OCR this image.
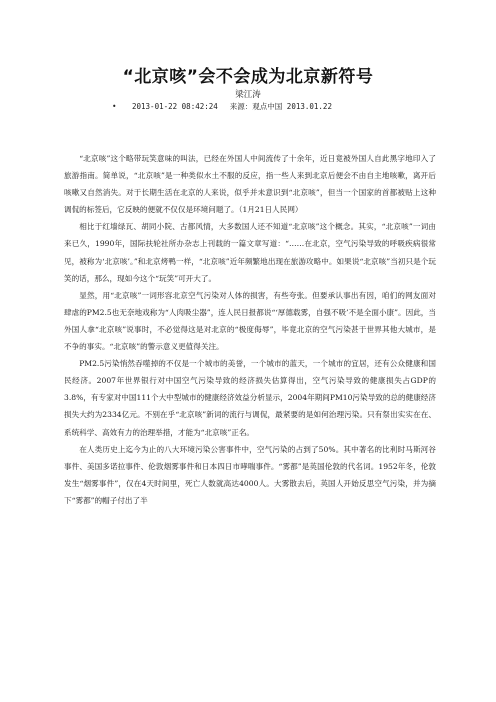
“北京咳”会不会成为北京新符号
梁江涛
• 2013-01-22 08:42:24 来源：观点中国 2013.01.22

“北京咳”这个略带玩笑意味的叫法，已经在外国人中间流传了十余年，近日竟被外国人自此黑字地印入了旅游指南。简单说，“北京咳”是一种类似水土不服的反应，指一些人来到北京后便会不由自主地咳嗽，离开后咳嗽又自然消失。对于长期生活在北京的人来说，似乎并未意识到“北京咳”，但当一个国家的首都被贴上这种调侃的标签后，它反映的便就不仅仅是环境问题了。（1月21日人民网）

相比于红墙绿瓦、胡同小院、古都风情，大多数国人还不知道“北京咳”这个概念。其实，“北京咳”一词由来已久，1990年，国际扶轮社所办杂志上刊载的一篇文章写道：“……在北京，空气污染导致的呼吸疾病很常见，被称为‘北京咳’。”和北京烤鸭一样，“北京咳”近年频繁地出现在旅游攻略中。如果说“北京咳”当初只是个玩笑的话，那么，现如今这个“玩笑”可开大了。

显然，用“北京咳”一词形容北京空气污染对人体的损害，有些夸张。但要承认事出有因，咱们的网友面对肆虐的PM2.5也无奈地戏称为“人肉吸尘器”，连人民日报都说“‘厚德载雾，自强不吸’不是全面小康”。因此，当外国人拿“北京咳”说事时，不必觉得这是对北京的“极度侮辱”，毕竟北京的空气污染甚于世界其他大城市，是不争的事实。“北京咳”的警示意义更值得关注。

PM2.5污染悄然吞噬掉的不仅是一个城市的美誉，一个城市的蓝天，一个城市的宜居，还有公众健康和国民经济。2007年世界银行对中国空气污染导致的经济损失估算得出，空气污染导致的健康损失占GDP的3.8%，有专家对中国111个大中型城市的健康经济效益分析显示，2004年期间PM10污染导致的总的健康经济损失大约为2334亿元。不别在乎“北京咳”新词的流行与调侃，最紧要的是如何治理污染。只有祭出实实在在、系统科学、高效有力的治理举措，才能为“北京咳”正名。

在人类历史上迄今为止的八大环境污染公害事件中，空气污染的占到了50%。其中著名的比利时马斯河谷事件、美国多诺拉事件、伦敦烟雾事件和日本四日市哮喘事件。“雾都”是英国伦敦的代名词。1952年冬，伦敦发生“烟雾事件”，仅在4天时间里，死亡人数就高达4000人。大雾散去后，英国人开始反思空气污染，并为摘下“雾都”的帽子付出了半
